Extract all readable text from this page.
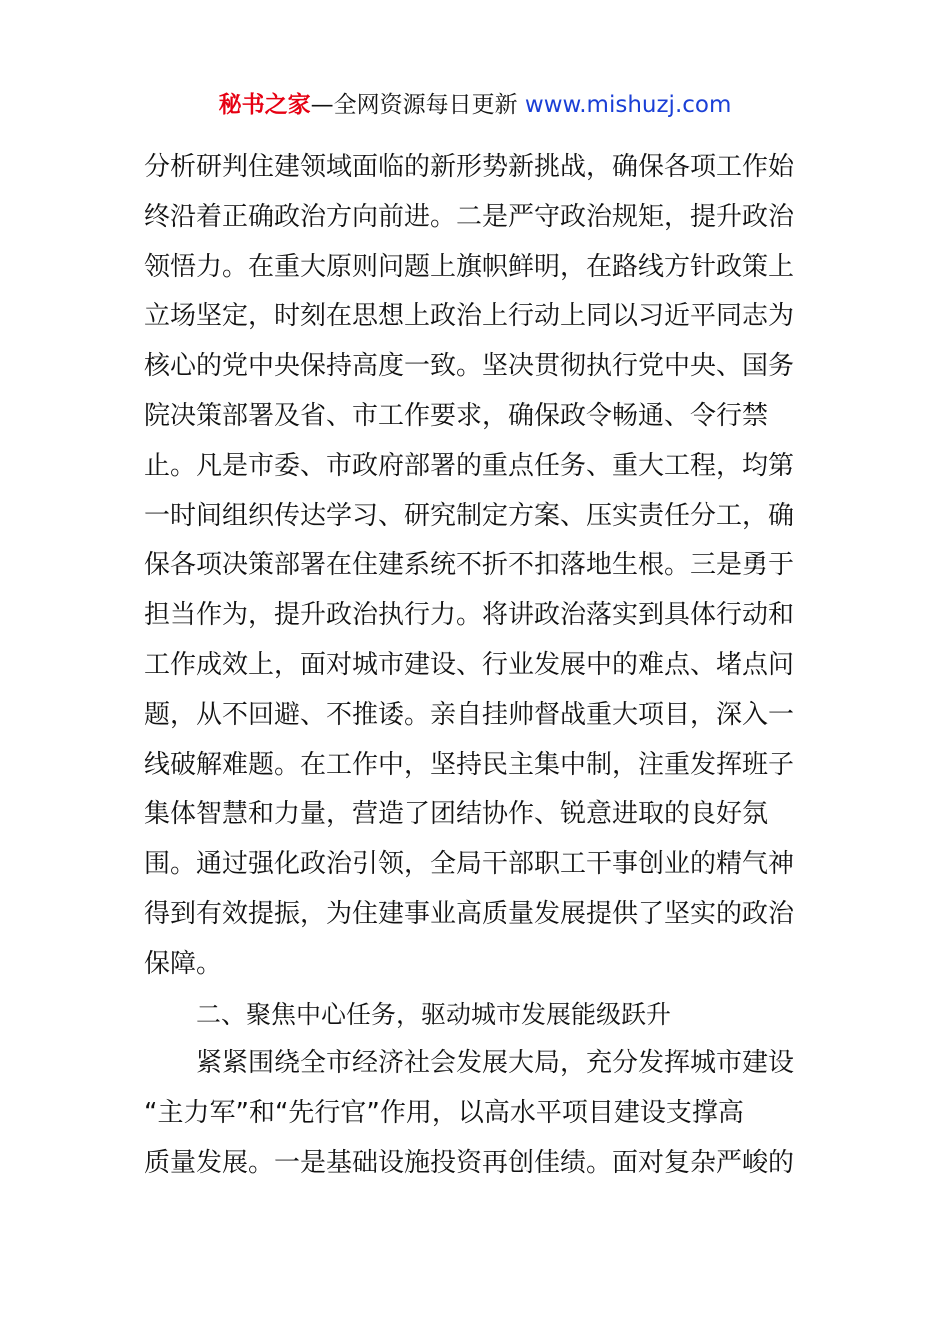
秘书之家—全网资源每日更新 www.mishuzj.com
分析研判住建领域面临的新形势新挑战，确保各项工作始
终沿着正确政治方向前进。二是严守政治规矩，提升政治
领悟力。在重大原则问题上旗帜鲜明，在路线方针政策上
立场坚定，时刻在思想上政治上行动上同以习近平同志为
核心的党中央保持高度一致。坚决贯彻执行党中央、国务
院决策部署及省、市工作要求，确保政令畅通、令行禁
止。凡是市委、市政府部署的重点任务、重大工程，均第
一时间组织传达学习、研究制定方案、压实责任分工，确
保各项决策部署在住建系统不折不扣落地生根。三是勇于
担当作为，提升政治执行力。将讲政治落实到具体行动和
工作成效上，面对城市建设、行业发展中的难点、堵点问
题，从不回避、不推诿。亲自挂帅督战重大项目，深入一
线破解难题。在工作中，坚持民主集中制，注重发挥班子
集体智慧和力量，营造了团结协作、锐意进取的良好氛
围。通过强化政治引领，全局干部职工干事创业的精气神
得到有效提振，为住建事业高质量发展提供了坚实的政治
保障。
二、聚焦中心任务，驱动城市发展能级跃升
紧紧围绕全市经济社会发展大局，充分发挥城市建设
“主力军”和“先行官”作用，以高水平项目建设支撑高
质量发展。一是基础设施投资再创佳绩。面对复杂严峻的
